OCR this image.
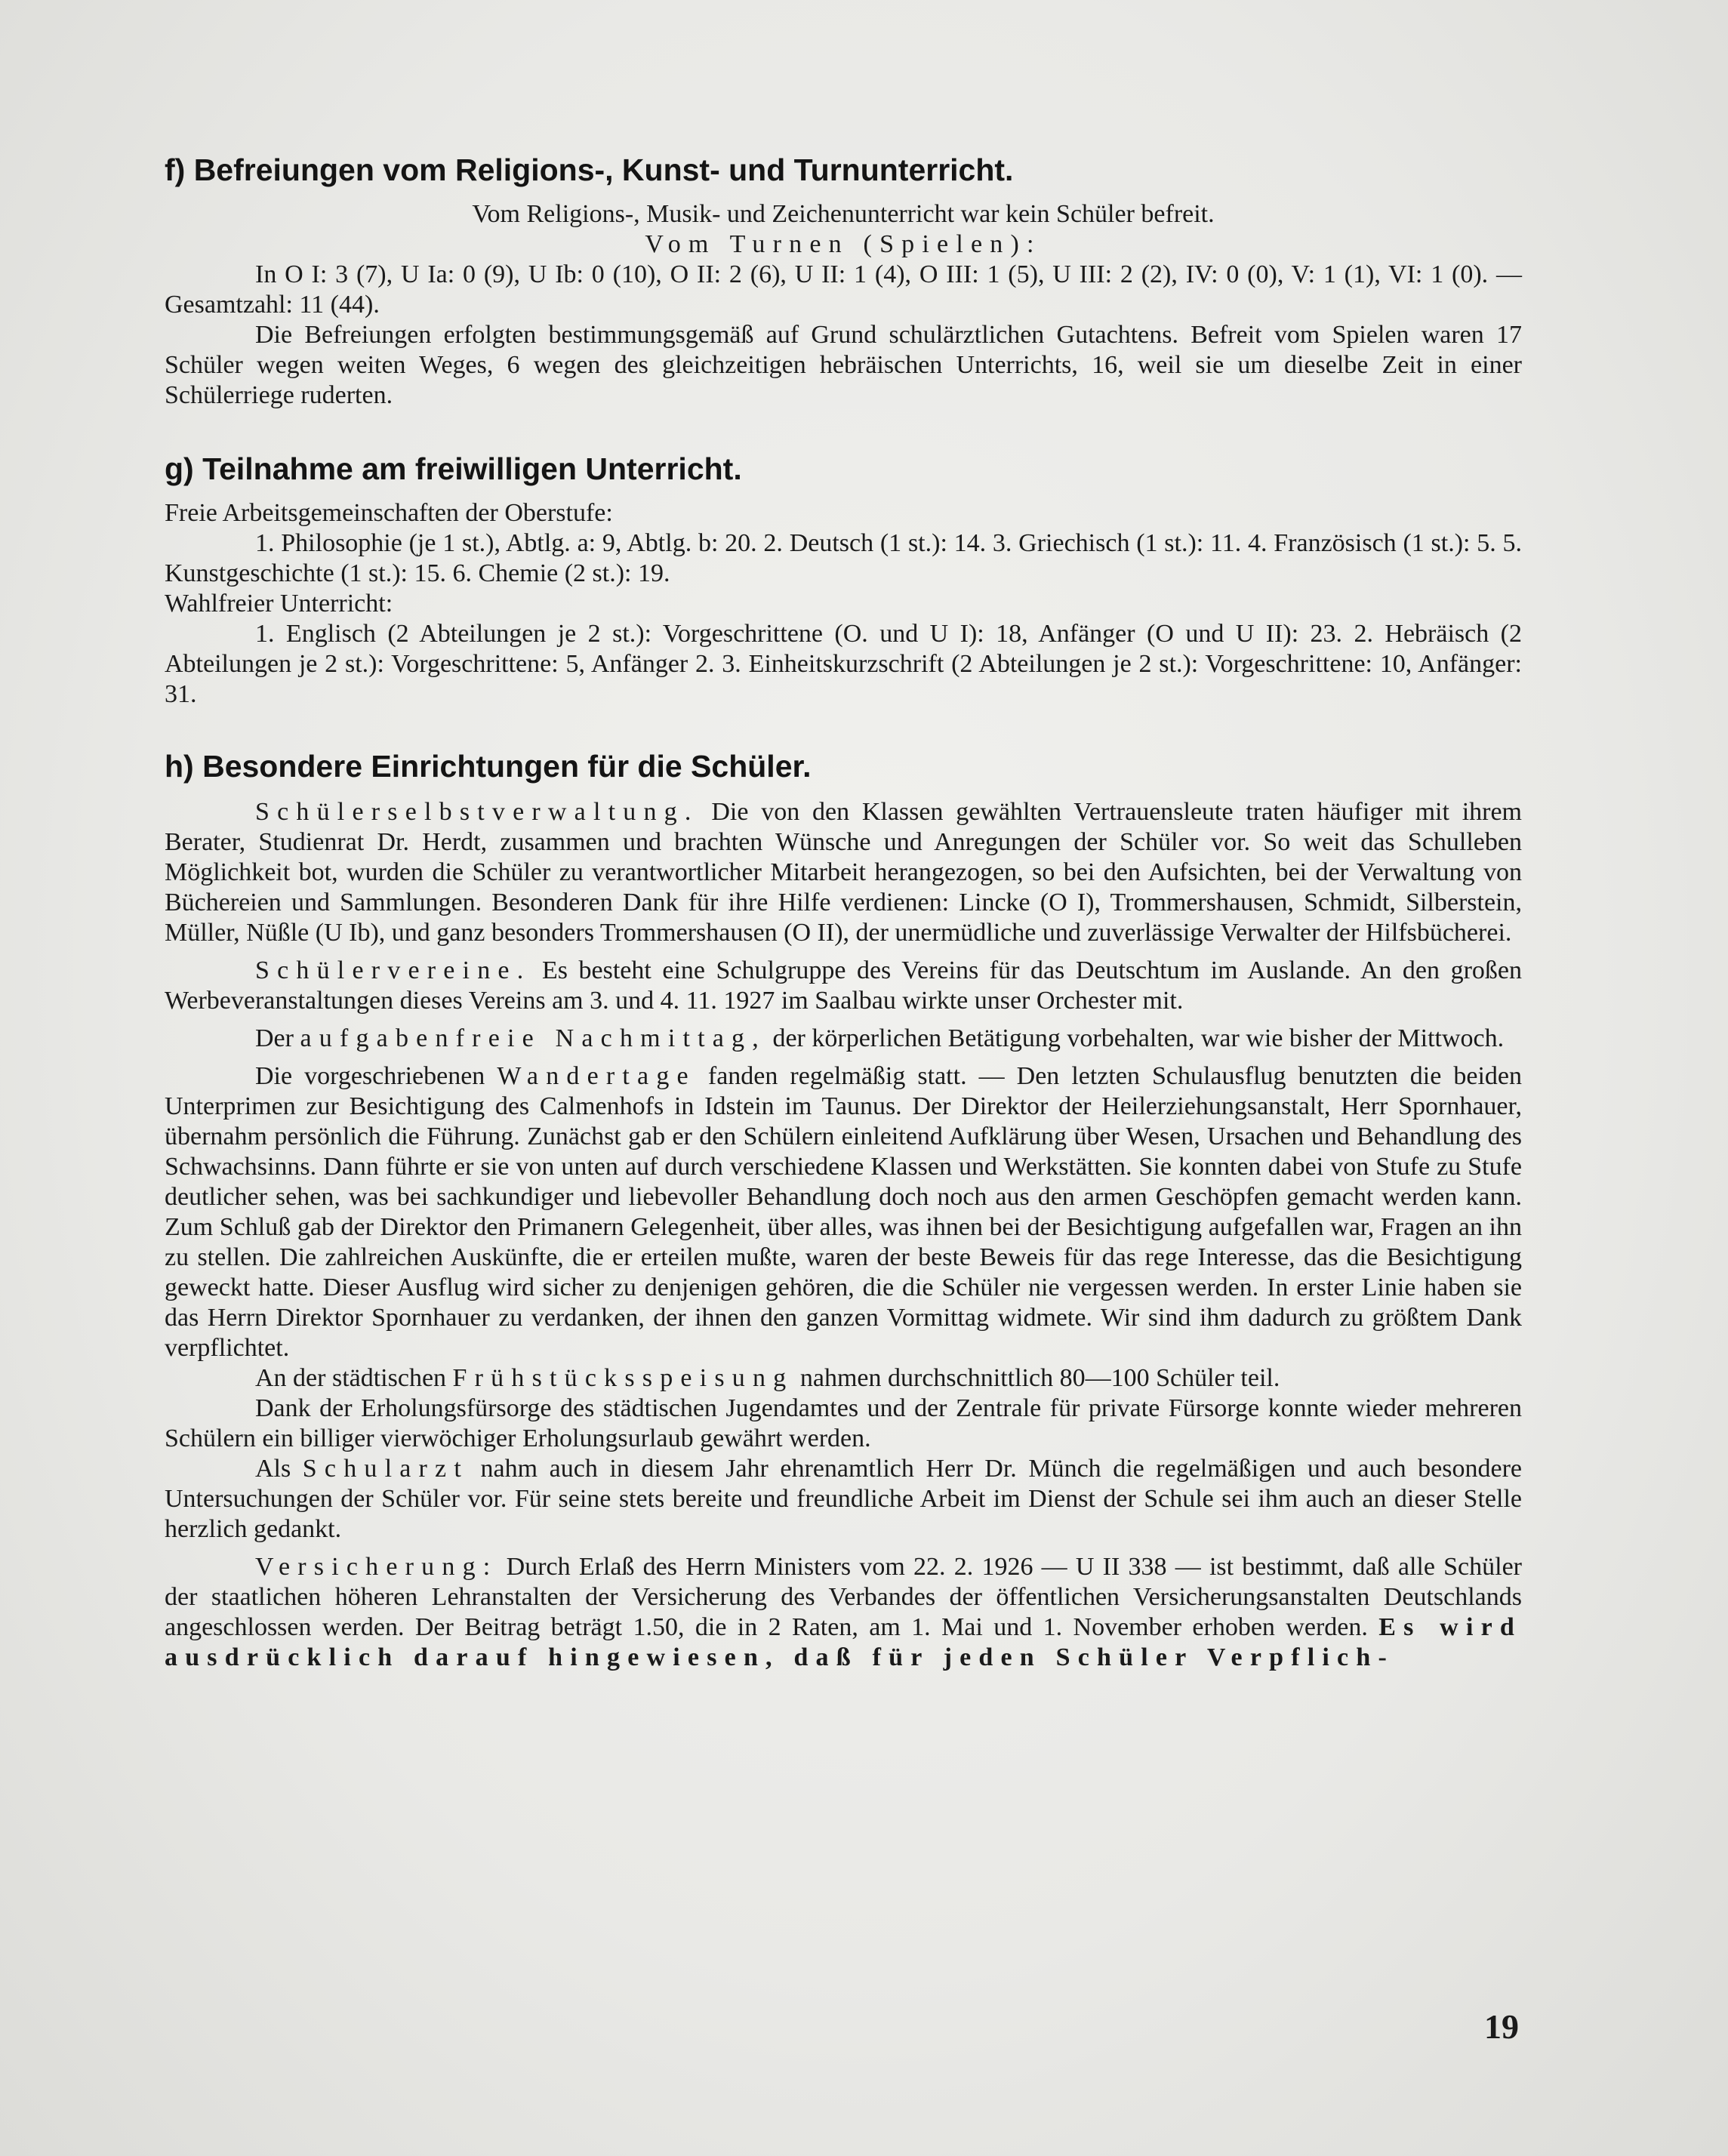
f) Befreiungen vom Religions-, Kunst- und Turnunterricht.

Vom Religions-, Musik- und Zeichenunterricht war kein Schüler befreit.

Vom Turnen (Spielen):

In O I: 3 (7), U Ia: 0 (9), U Ib: 0 (10), O II: 2 (6), U II: 1 (4), O III: 1 (5), U III: 2 (2), IV: 0 (0), V: 1 (1), VI: 1 (0). — Gesamtzahl: 11 (44).

Die Befreiungen erfolgten bestimmungsgemäß auf Grund schulärztlichen Gutachtens. Befreit vom Spielen waren 17 Schüler wegen weiten Weges, 6 wegen des gleichzeitigen hebräischen Unterrichts, 16, weil sie um dieselbe Zeit in einer Schülerriege ruderten.

g) Teilnahme am freiwilligen Unterricht.

Freie Arbeitsgemeinschaften der Oberstufe:

1. Philosophie (je 1 st.), Abtlg. a: 9, Abtlg. b: 20. 2. Deutsch (1 st.): 14. 3. Griechisch (1 st.): 11. 4. Französisch (1 st.): 5. 5. Kunstgeschichte (1 st.): 15. 6. Chemie (2 st.): 19.

Wahlfreier Unterricht:

1. Englisch (2 Abteilungen je 2 st.): Vorgeschrittene (O. und U I): 18, Anfänger (O und U II): 23. 2. Hebräisch (2 Abteilungen je 2 st.): Vorgeschrittene: 5, Anfänger 2. 3. Einheitskurzschrift (2 Abteilungen je 2 st.): Vorgeschrittene: 10, Anfänger: 31.

h) Besondere Einrichtungen für die Schüler.

Schülerselbstverwaltung. Die von den Klassen gewählten Vertrauensleute traten häufiger mit ihrem Berater, Studienrat Dr. Herdt, zusammen und brachten Wünsche und Anregungen der Schüler vor. So weit das Schulleben Möglichkeit bot, wurden die Schüler zu verantwortlicher Mitarbeit herangezogen, so bei den Aufsichten, bei der Verwaltung von Büchereien und Sammlungen. Besonderen Dank für ihre Hilfe verdienen: Lincke (O I), Trommershausen, Schmidt, Silberstein, Müller, Nüßle (U Ib), und ganz besonders Trommershausen (O II), der unermüdliche und zuverlässige Verwalter der Hilfsbücherei.

Schülervereine. Es besteht eine Schulgruppe des Vereins für das Deutschtum im Auslande. An den großen Werbeveranstaltungen dieses Vereins am 3. und 4. 11. 1927 im Saalbau wirkte unser Orchester mit.

Der aufgabenfreie Nachmittag, der körperlichen Betätigung vorbehalten, war wie bisher der Mittwoch.

Die vorgeschriebenen Wandertage fanden regelmäßig statt. — Den letzten Schulausflug benutzten die beiden Unterprimen zur Besichtigung des Calmenhofs in Idstein im Taunus. Der Direktor der Heilerziehungsanstalt, Herr Spornhauer, übernahm persönlich die Führung. Zunächst gab er den Schülern einleitend Aufklärung über Wesen, Ursachen und Behandlung des Schwachsinns. Dann führte er sie von unten auf durch verschiedene Klassen und Werkstätten. Sie konnten dabei von Stufe zu Stufe deutlicher sehen, was bei sachkundiger und liebevoller Behandlung doch noch aus den armen Geschöpfen gemacht werden kann. Zum Schluß gab der Direktor den Primanern Gelegenheit, über alles, was ihnen bei der Besichtigung aufgefallen war, Fragen an ihn zu stellen. Die zahlreichen Auskünfte, die er erteilen mußte, waren der beste Beweis für das rege Interesse, das die Besichtigung geweckt hatte. Dieser Ausflug wird sicher zu denjenigen gehören, die die Schüler nie vergessen werden. In erster Linie haben sie das Herrn Direktor Spornhauer zu verdanken, der ihnen den ganzen Vormittag widmete. Wir sind ihm dadurch zu größtem Dank verpflichtet.

An der städtischen Frühstücksspeisung nahmen durchschnittlich 80—100 Schüler teil.

Dank der Erholungsfürsorge des städtischen Jugendamtes und der Zentrale für private Fürsorge konnte wieder mehreren Schülern ein billiger vierwöchiger Erholungsurlaub gewährt werden.

Als Schularzt nahm auch in diesem Jahr ehrenamtlich Herr Dr. Münch die regelmäßigen und auch besondere Untersuchungen der Schüler vor. Für seine stets bereite und freundliche Arbeit im Dienst der Schule sei ihm auch an dieser Stelle herzlich gedankt.

Versicherung: Durch Erlaß des Herrn Ministers vom 22. 2. 1926 — U II 338 — ist bestimmt, daß alle Schüler der staatlichen höheren Lehranstalten der Versicherung des Verbandes der öffentlichen Versicherungsanstalten Deutschlands angeschlossen werden. Der Beitrag beträgt 1.50, die in 2 Raten, am 1. Mai und 1. November erhoben werden. Es wird ausdrücklich darauf hingewiesen, daß für jeden Schüler Verpflich-

19
